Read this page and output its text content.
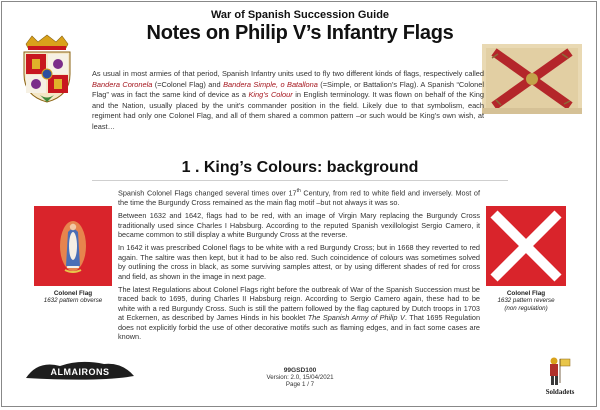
War of Spanish Succession Guide
Notes on Philip V’s Infantry Flags
As usual in most armies of that period, Spanish Infantry units used to fly two different kinds of flags, respectively called Bandera Coronela (=Colonel Flag) and Bandera Simple, o Batallona (=Simple, or Battalion’s Flag). A Spanish “Colonel Flag” was in fact the same kind of device as a King’s Colour in English terminology. It was flown on behalf of the King and the Nation, usually placed by the unit’s commander position in the field. Likely due to that symbolism, each regiment had only one Colonel Flag, and all of them shared a common pattern –or such would be King’s own wish, at least…
1 . King’s Colours: background
Colonel Flag
1632 pattern obverse
Colonel Flag
1632 pattern reverse
(non regulation)

Spanish Colonel Flags changed several times over 17th Century, from red to white field and inversely. Most of the time the Burgundy Cross remained as the main flag motif –but not always it was so.

Between 1632 and 1642, flags had to be red, with an image of Virgin Mary replacing the Burgundy Cross traditionally used since Charles I Habsburg. According to the reputed Spanish vexillologist Sergio Camero, it became common to still display a white Burgundy Cross at the reverse.

In 1642 it was prescribed Colonel flags to be white with a red Burgundy Cross; but in 1668 they reverted to red again. The saltire was then kept, but it had to be also red. Such coincidence of colours was sometimes solved by outlining the cross in black, as some surviving samples attest, or by using different shades of red for cross and field, as shown in the image in next page.

The latest Regulations about Colonel Flags right before the outbreak of War of the Spanish Succession must be traced back to 1695, during Charles II Habsburg reign. According to Sergio Camero again, these had to be white with a red Burgundy Cross. Such is still the pattern followed by the flag captured by Dutch troops in 1703 at Eckernen, as described by James Hinds in his booklet The Spanish Army of Philip V. That 1695 Regulation does not explicitly forbid the use of other decorative motifs such as flaming edges, and in fact some cases are known.

ALMAIRONS	99GSD100
Version: 2.0, 15/04/2021
Page 1 / 7
Soldadets
